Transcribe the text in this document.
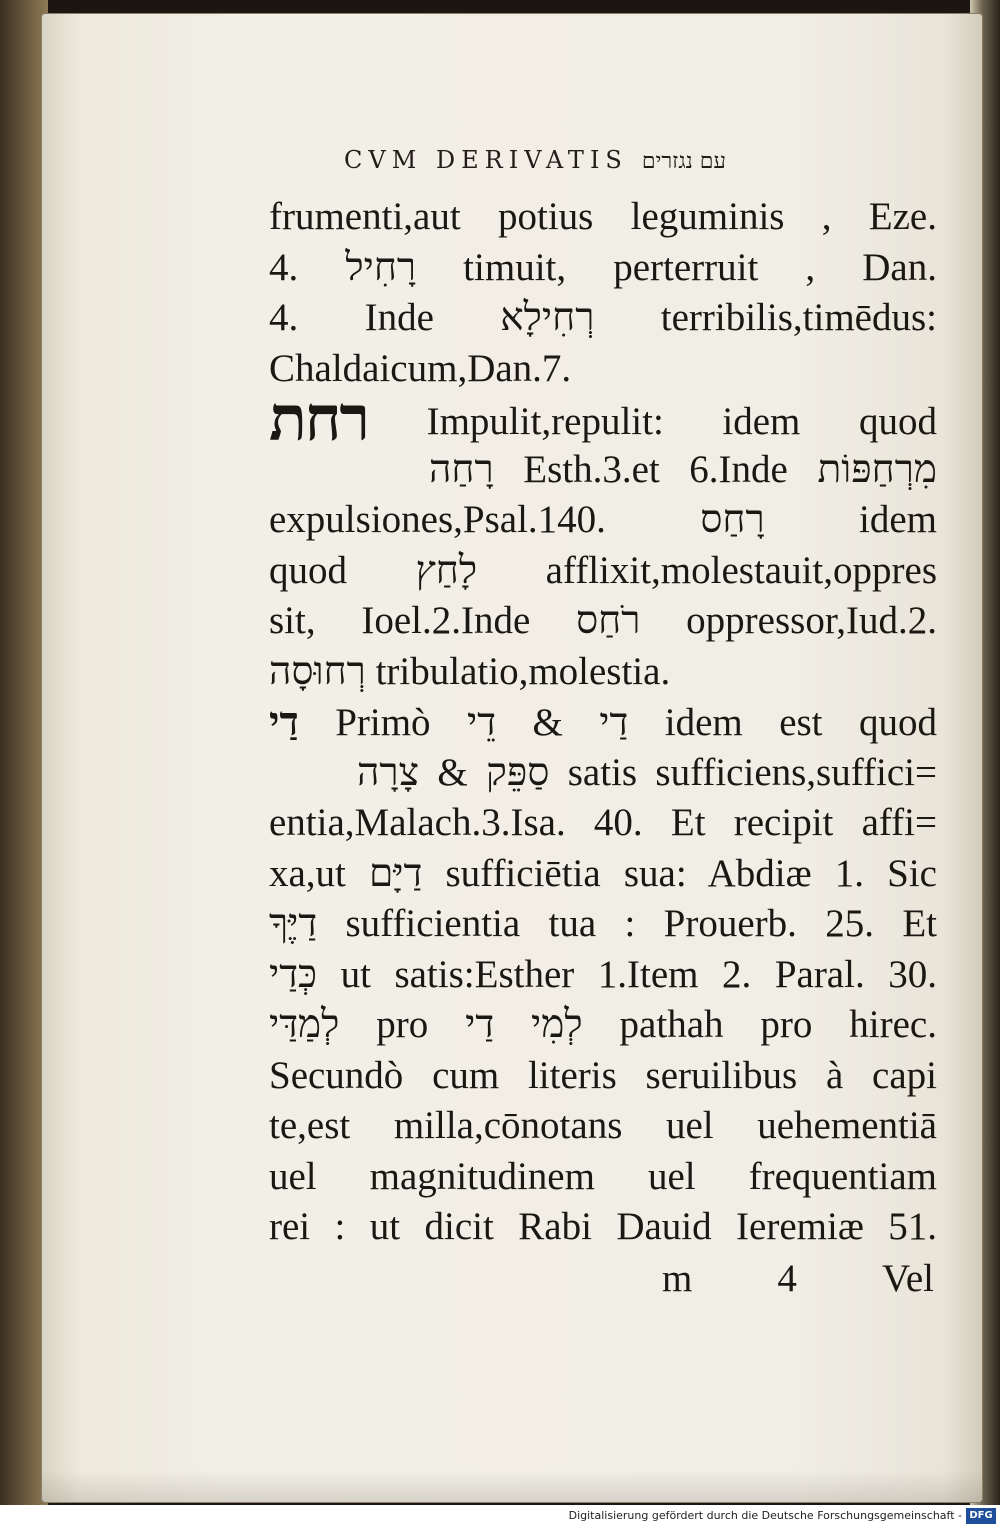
CVM DERIVATIS עם נגזרים
frumenti,aut potius leguminis , Eze.
4. רָחִיל timuit, perterruit , Dan.
4. Inde רְחִילָא terribilis,timēdus:
Chaldaicum,Dan.7.
רחת Impulit,repulit: idem quod
רָחַה Esth.3.et 6.Inde מִרְחַפּוֹת
expulsiones,Psal.140. רָחַס idem
quod לָחַץ afflixit,molestauit,oppres
sit, Ioel.2.Inde רֹחַס oppressor,Iud.2.
רְחוּסָה tribulatio,molestia.
דַי Primò דַי & דֵי idem est quod
סַפֵּק & צָרָה satis sufficiens,suffici=
entia,Malach.3.Isa. 40. Et recipit affi=
xa,ut דַיָּם sufficiētia sua: Abdiæ 1. Sic
דַיֶּךָ sufficientia tua : Prouerb. 25. Et
כְּדַי ut satis:Esther 1.Item 2. Paral. 30.
לְמַדַּי pro לְמִי דַי pathah pro hirec.
Secundò cum literis seruilibus à capi
te,est milla,cōnotans uel uehementiā
uel magnitudinem uel frequentiam
rei : ut dicit Rabi Dauid Ieremiæ 51.
m 4 Vel
Digitalisierung gefördert durch die Deutsche Forschungsgemeinschaft - DFG
